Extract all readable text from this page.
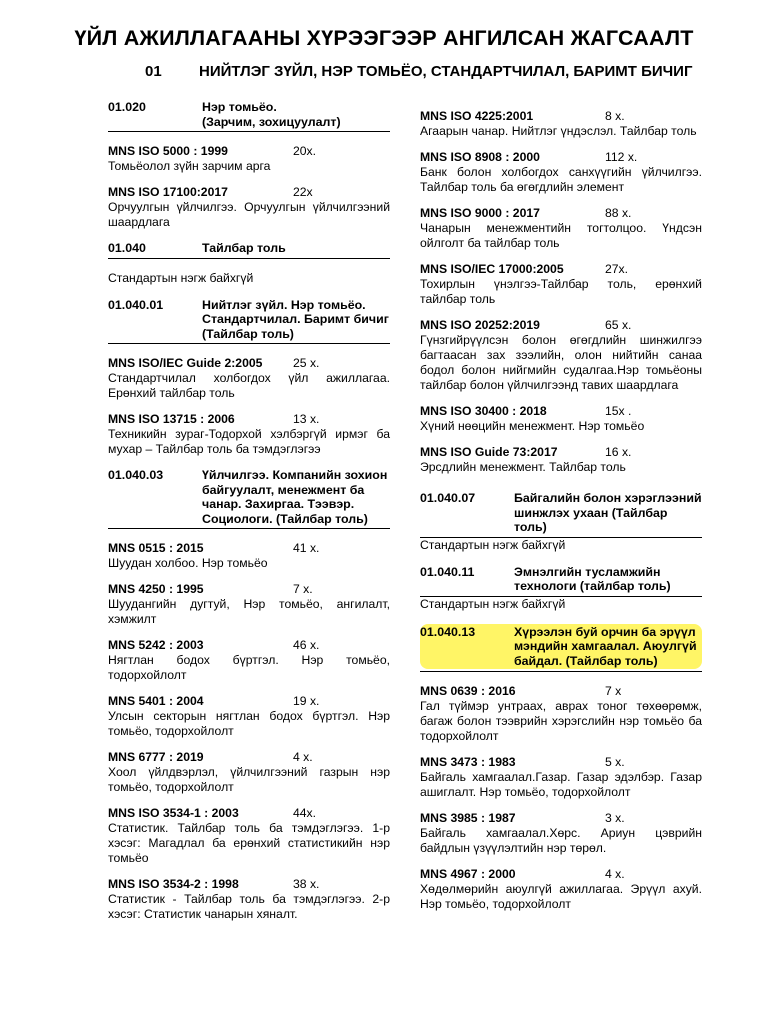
ҮЙЛ АЖИЛЛАГААНЫ ХҮРЭЭГЭЭР АНГИЛСАН ЖАГСААЛТ
01 НИЙТЛЭГ ЗҮЙЛ, НЭР ТОМЬЁО, СТАНДАРТЧИЛАЛ, БАРИМТ БИЧИГ
01.020	Нэр томьёо.
(Зарчим, зохицуулалт)
MNS ISO 5000 : 1999	20х.
Томьёолол зүйн зарчим арга
MNS ISO 17100:2017	22х
Орчуулгын үйлчилгээ. Орчуулгын үйлчилгээний шаардлага
01.040	Тайлбар толь
Стандартын нэгж байхгүй
01.040.01	Нийтлэг зүйл. Нэр томьёо. Стандартчилал. Баримт бичиг (Тайлбар толь)
MNS ISO/IEC Guide 2:2005	25 х.
Стандартчилал холбогдох үйл ажиллагаа. Ерөнхий тайлбар толь
MNS ISO 13715 : 2006	13 х.
Техникийн зураг-Тодорхой хэлбэргүй ирмэг ба мухар – Тайлбар толь ба тэмдэглэгээ
01.040.03	Үйлчилгээ. Компанийн зохион байгуулалт, менежмент ба чанар. Захиргаа. Тээвэр. Социологи. (Тайлбар толь)
MNS 0515 : 2015	41 х.
Шуудан холбоо. Нэр томьёо
MNS 4250 : 1995	7 х.
Шуудангийн дугтуй, Нэр томьёо, ангилалт, хэмжилт
MNS 5242 : 2003	46 х.
Нягтлан бодох бүртгэл. Нэр томьёо, тодорхойлолт
MNS 5401 : 2004	19 х.
Улсын секторын нягтлан бодох бүртгэл. Нэр томьёо, тодорхойлолт
MNS 6777 : 2019	4 х.
Хоол үйлдвэрлэл, үйлчилгээний газрын нэр томьёо, тодорхойлолт
MNS ISO 3534-1 : 2003	44х.
Статистик. Тайлбар толь ба тэмдэглэгээ. 1-р хэсэг: Магадлал ба ерөнхий статистикийн нэр томьёо
MNS ISO 3534-2 : 1998	38 х.
Статистик - Тайлбар толь ба тэмдэглэгээ. 2-р хэсэг: Статистик чанарын хяналт.
MNS ISO 4225:2001	8 х.
Агаарын чанар. Нийтлэг үндэслэл. Тайлбар толь
MNS ISO 8908 : 2000	112 х.
Банк болон холбогдох санхүүгийн үйлчилгээ. Тайлбар толь ба өгөгдлийн элемент
MNS ISO 9000 : 2017	88 х.
Чанарын менежментийн тогтолцоо. Үндсэн ойлголт ба тайлбар толь
MNS ISO/IEC 17000:2005	27х.
Тохирлын үнэлгээ-Тайлбар толь, ерөнхий тайлбар толь
MNS ISO 20252:2019	65 х.
Гүнзгийрүүлсэн болон өгөгдлийн шинжилгээ багтаасан зах зээлийн, олон нийтийн санаа бодол болон нийгмийн судалгаа.Нэр томьёоны тайлбар болон үйлчилгээнд тавих шаардлага
MNS ISO 30400 : 2018	15х .
Хүний нөөцийн менежмент. Нэр томьёо
MNS ISO Guide 73:2017	16 х.
Эрсдлийн менежмент. Тайлбар толь
01.040.07	Байгалийн болон хэрэглээний шинжлэх ухаан (Тайлбар толь)
Стандартын нэгж байхгүй
01.040.11	Эмнэлгийн тусламжийн технологи (тайлбар толь)
Стандартын нэгж байхгүй
01.040.13	Хүрээлэн буй орчин ба эрүүл мэндийн хамгаалал. Аюулгүй байдал. (Тайлбар толь)
MNS 0639 : 2016	7 х
Гал түймэр унтраах, аврах тоног төхөөрөмж, багаж болон тээврийн хэрэгслийн нэр томьёо ба тодорхойлолт
MNS 3473 : 1983	5 х.
Байгаль хамгаалал.Газар. Газар эдэлбэр. Газар ашиглалт. Нэр томьёо, тодорхойлолт
MNS 3985 : 1987	3 х.
Байгаль хамгаалал.Хөрс. Ариун цэврийн байдлын үзүүлэлтийн нэр төрөл.
MNS 4967 : 2000	4 х.
Хөдөлмөрийн аюулгүй ажиллагаа. Эрүүл ахуй. Нэр томьёо, тодорхойлолт
